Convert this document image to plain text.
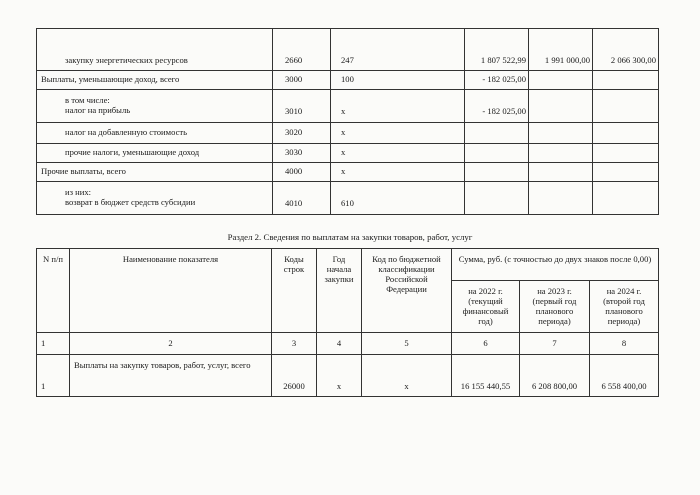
закупку энергетических ресурсов	2660	247	1 807 522,99	1 991 000,00	2 066 300,00
Выплаты, уменьшающие доход, всего	3000	100	- 182 025,00		

в том числе:
налог на прибыль	3010	х	- 182 025,00		
налог на добавленную стоимость	3020	х			
прочие налоги, уменьшающие доход	3030	х			
Прочие выплаты, всего	4000	х			

из них:
возврат в бюджет средств субсидии	4010	610			
Раздел 2. Сведения по выплатам на закупки товаров, работ, услуг
N п/п	Наименование показателя	Коды строк	Год начала закупки	Код по бюджетной классификации Российской Федерации	Сумма, руб. (с точностью до двух знаков после 0,00)		
					на 2022 г. (текущий финансовый год)	на 2023 г. (первый год планового периода)	на 2024 г. (второй год планового периода)
1	2	3	4	5	6	7	8
1	Выплаты на закупку товаров, работ, услуг, всего	26000	х	х	16 155 440,55	6 208 800,00	6 558 400,00
